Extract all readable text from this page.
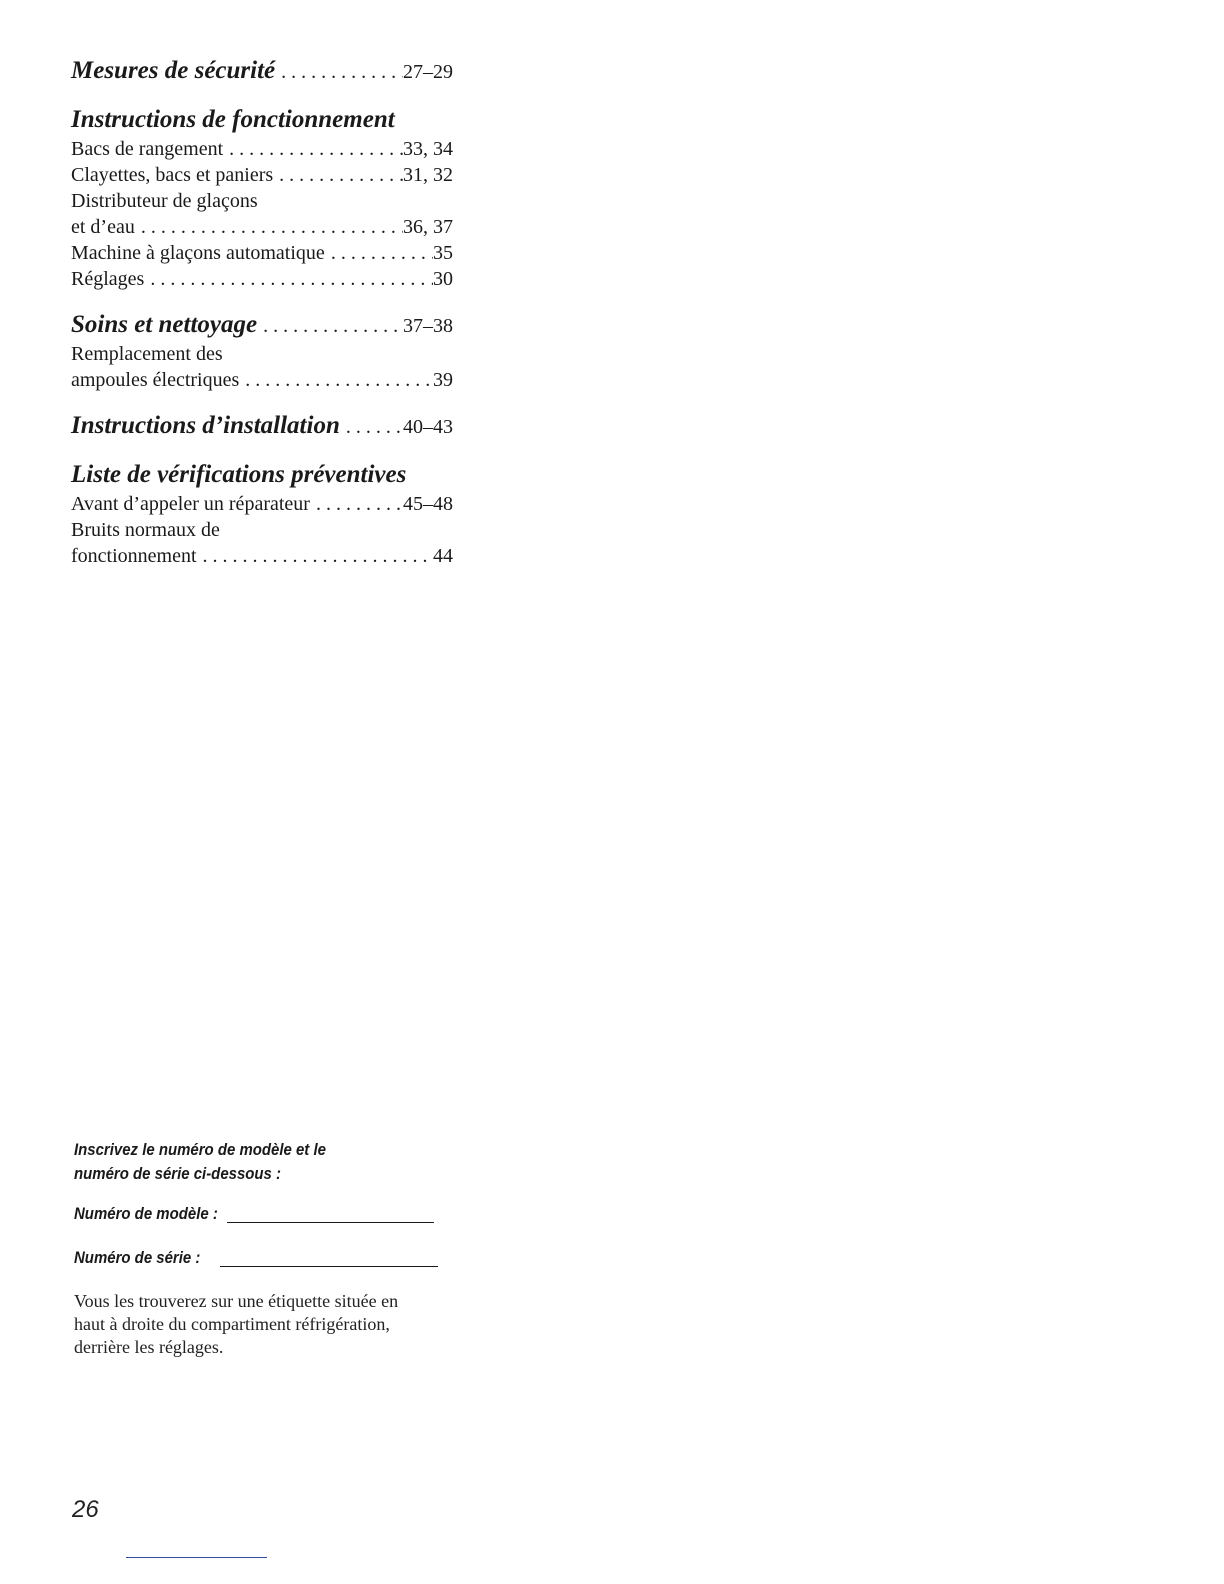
Mesures de sécurité . . .	27–29
Instructions de fonctionnement
Bacs de rangement . . .	33, 34
Clayettes, bacs et paniers . . .	31, 32
Distributeur de glaçons
et d’eau . . .	36, 37
Machine à glaçons automatique . . .	35
Réglages . . .	30
Soins et nettoyage . . .	37–38
Remplacement des
ampoules électriques . . .	39
Instructions d’installation . . .	40–43
Liste de vérifications préventives
Avant d’appeler un réparateur . . .	45–48
Bruits normaux de
fonctionnement . . .	44
Inscrivez le numéro de modèle et le
numéro de série ci-dessous :
Numéro de modèle :
Numéro de série :
Vous les trouverez sur une étiquette située en
haut à droite du compartiment réfrigération,
derrière les réglages.
26
